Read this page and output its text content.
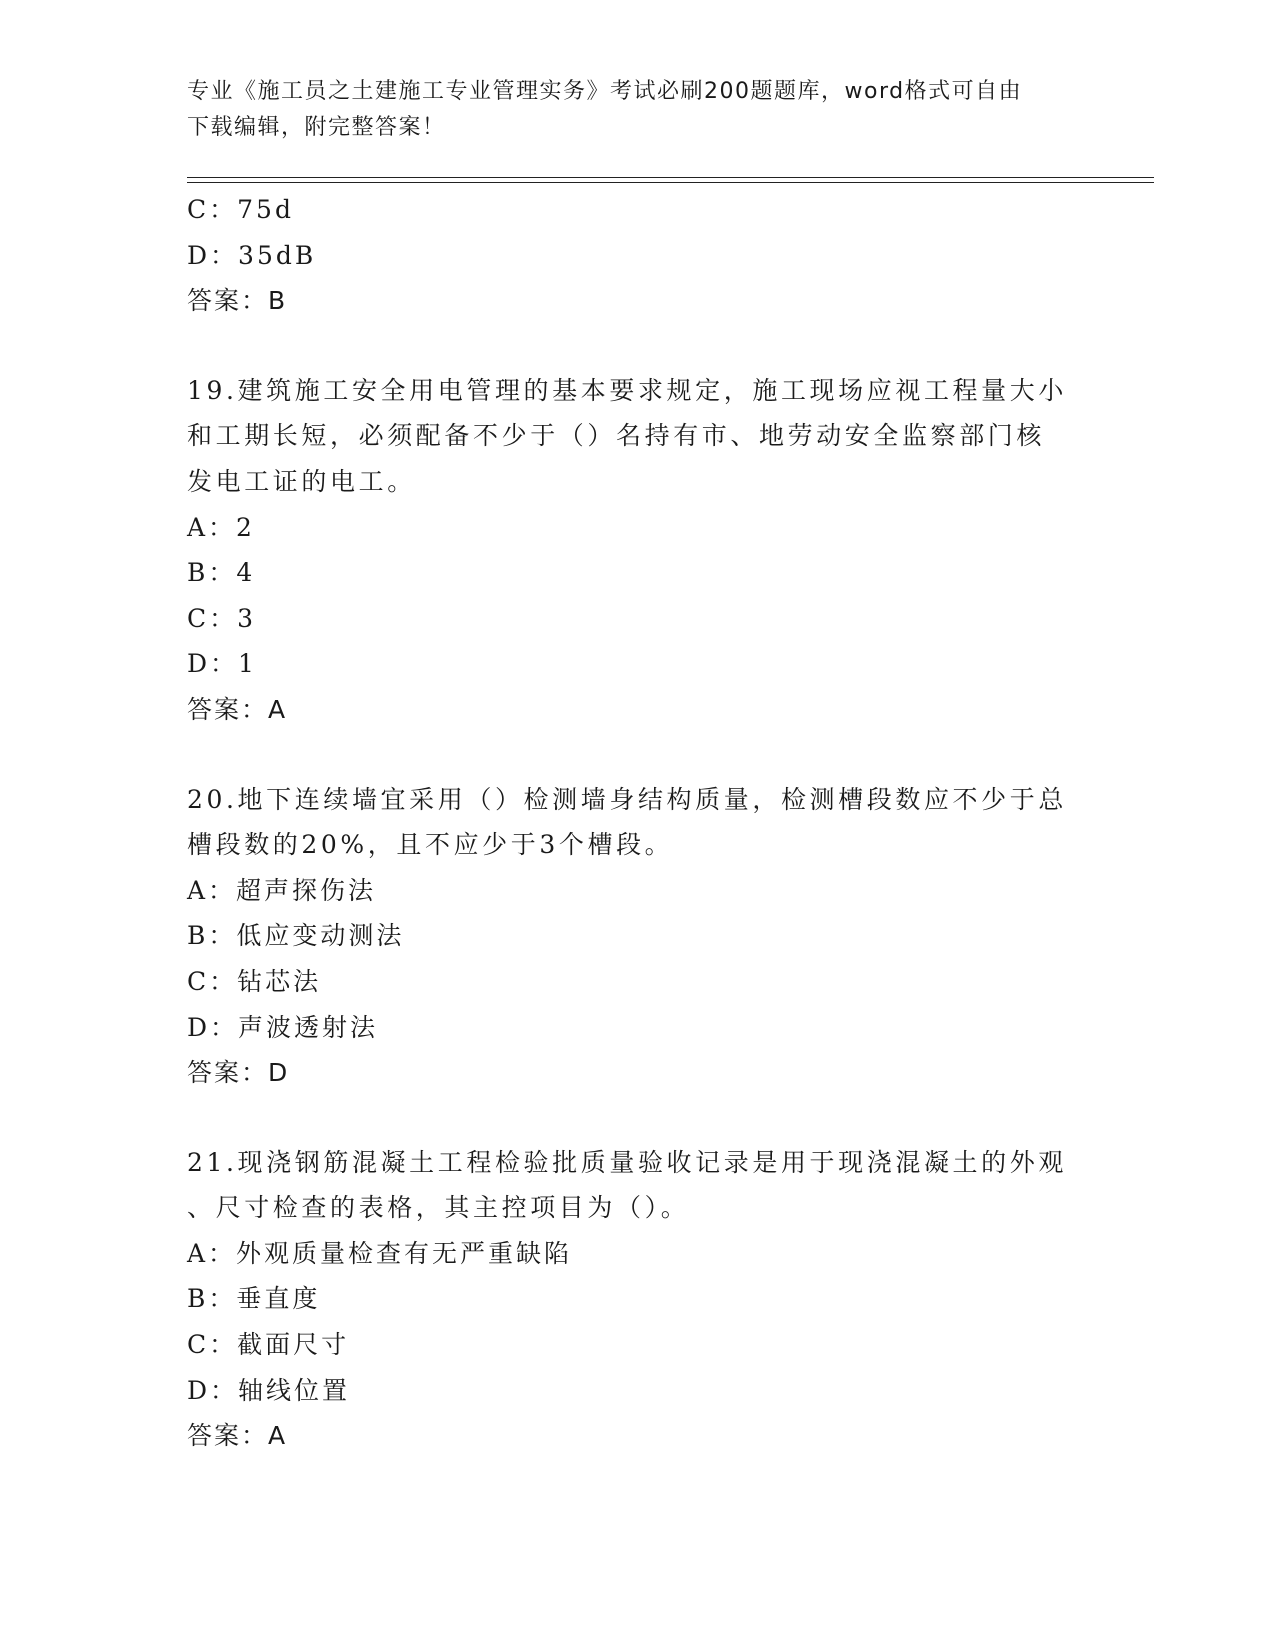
专业《施工员之土建施工专业管理实务》考试必刷200题题库，word格式可自由
下载编辑，附完整答案！
C：75d
D：35dB
答案：B
19.建筑施工安全用电管理的基本要求规定，施工现场应视工程量大小
和工期长短，必须配备不少于（）名持有市、地劳动安全监察部门核
发电工证的电工。
A：2
B：4
C：3
D：1
答案：A
20.地下连续墙宜采用（）检测墙身结构质量，检测槽段数应不少于总
槽段数的20%，且不应少于3个槽段。
A：超声探伤法
B：低应变动测法
C：钻芯法
D：声波透射法
答案：D
21.现浇钢筋混凝土工程检验批质量验收记录是用于现浇混凝土的外观
、尺寸检查的表格，其主控项目为（）。
A：外观质量检查有无严重缺陷
B：垂直度
C：截面尺寸
D：轴线位置
答案：A
